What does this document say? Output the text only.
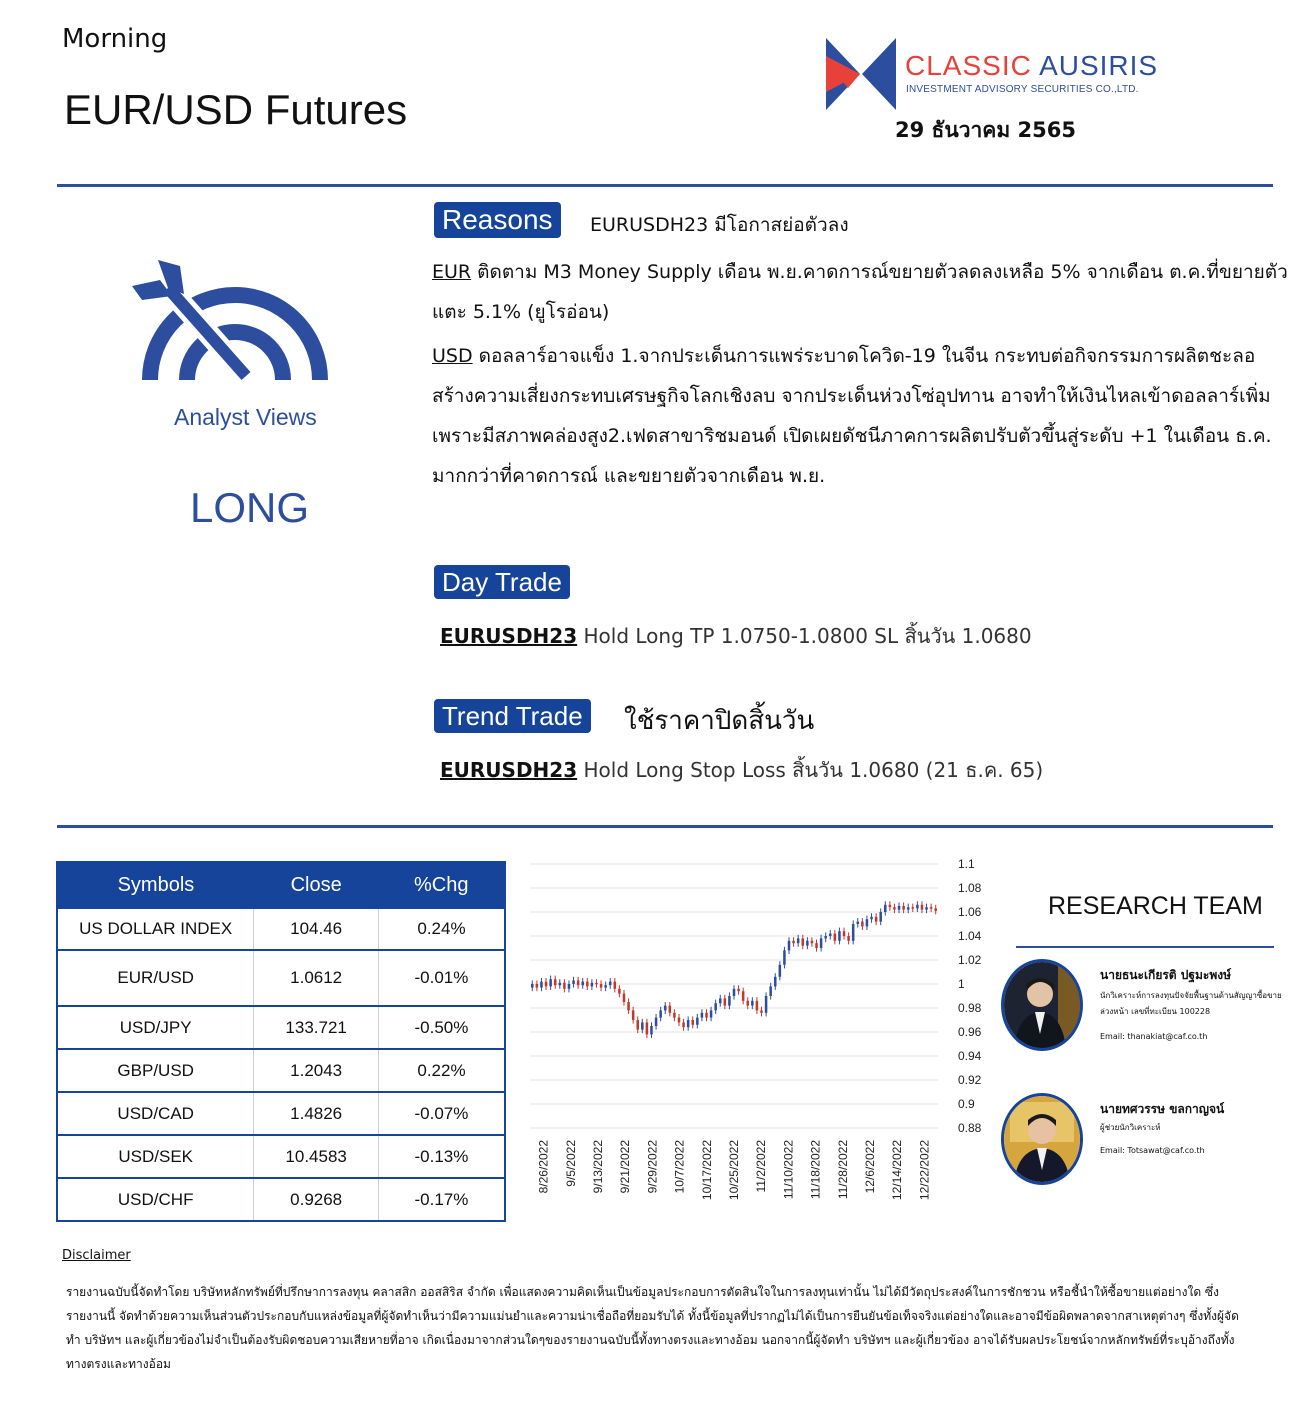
Morning
EUR/USD Futures
CLASSIC AUSIRIS
INVESTMENT ADVISORY SECURITIES CO.,LTD.
29 ธันวาคม 2565
Analyst Views
LONG
Reasons	EURUSDH23 มีโอกาสย่อตัวลง
EUR ติดตาม M3 Money Supply เดือน พ.ย.คาดการณ์ขยายตัวลดลงเหลือ 5% จากเดือน ต.ค.ที่ขยายตัวแตะ 5.1% (ยูโรอ่อน)
USD ดอลลาร์อาจแข็ง 1.จากประเด็นการแพร่ระบาดโควิด-19 ในจีน กระทบต่อกิจกรรมการผลิตชะลอ สร้างความเสี่ยงกระทบเศรษฐกิจโลกเชิงลบ จากประเด็นห่วงโซ่อุปทาน อาจทำให้เงินไหลเข้าดอลลาร์เพิ่ม เพราะมีสภาพคล่องสูง2.เฟดสาขาริชมอนด์ เปิดเผยดัชนีภาคการผลิตปรับตัวขึ้นสู่ระดับ +1 ในเดือน ธ.ค. มากกว่าที่คาดการณ์ และขยายตัวจากเดือน พ.ย.
Day Trade
EURUSDH23 Hold Long TP 1.0750-1.0800 SL สิ้นวัน 1.0680
Trend Trade	ใช้ราคาปิดสิ้นวัน
EURUSDH23 Hold Long Stop Loss สิ้นวัน 1.0680 (21 ธ.ค. 65)
Symbols	Close	%Chg
US DOLLAR INDEX	104.46	0.24%
EUR/USD	1.0612	-0.01%
USD/JPY	133.721	-0.50%
GBP/USD	1.2043	0.22%
USD/CAD	1.4826	-0.07%
USD/SEK	10.4583	-0.13%
USD/CHF	0.9268	-0.17%
1.1
1.08
1.06
1.04
1.02
1
0.98
0.96
0.94
0.92
0.9
0.88
8/26/2022 9/5/2022 9/13/2022 9/21/2022 9/29/2022 10/7/2022 10/17/2022 10/25/2022 11/2/2022 11/10/2022 11/18/2022 11/28/2022 12/6/2022 12/14/2022 12/22/2022
RESEARCH TEAM
นายธนะเกียรติ ปฐมะพงษ์
นักวิเคราะห์การลงทุนปัจจัยพื้นฐานด้านสัญญาซื้อขายล่วงหน้า เลขที่ทะเบียน 100228
Email: thanakiat@caf.co.th
นายทศวรรษ ขลกาญจน์
ผู้ช่วยนักวิเคราะห์
Email: Totsawat@caf.co.th
Disclaimer
รายงานฉบับนี้จัดทำโดย บริษัทหลักทรัพย์ที่ปรึกษาการลงทุน คลาสสิก ออสสิริส จำกัด เพื่อแสดงความคิดเห็นเป็นข้อมูลประกอบการตัดสินใจในการลงทุนเท่านั้น ไม่ได้มีวัตถุประสงค์ในการชักชวน หรือชี้นำให้ซื้อขายแต่อย่างใด ซึ่งรายงานนี้ จัดทำด้วยความเห็นส่วนตัวประกอบกับแหล่งข้อมูลที่ผู้จัดทำเห็นว่ามีความแม่นยำและความน่าเชื่อถือที่ยอมรับได้ ทั้งนี้ข้อมูลที่ปรากฏไม่ได้เป็นการยืนยันข้อเท็จจริงแต่อย่างใดและอาจมีข้อผิดพลาดจากสาเหตุต่างๆ ซึ่งทั้งผู้จัดทำ บริษัทฯ และผู้เกี่ยวข้องไม่จำเป็นต้องรับผิดชอบความเสียหายที่อาจ เกิดเนื่องมาจากส่วนใดๆของรายงานฉบับนี้ทั้งทางตรงและทางอ้อม นอกจากนี้ผู้จัดทำ บริษัทฯ และผู้เกี่ยวข้อง อาจได้รับผลประโยชน์จากหลักทรัพย์ที่ระบุอ้างถึงทั้งทางตรงและทางอ้อม
